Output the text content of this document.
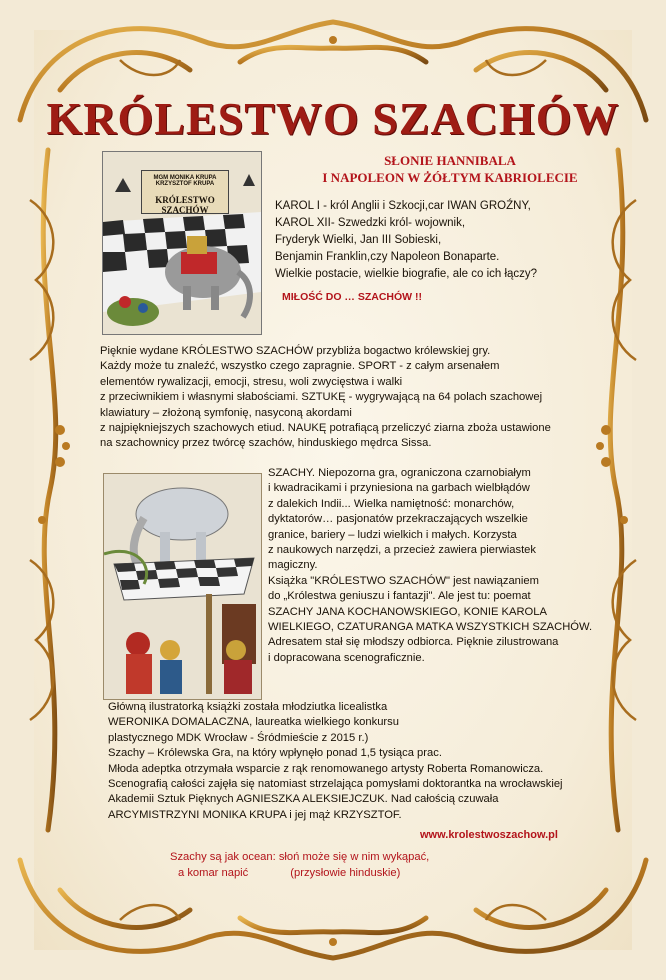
KRÓLESTWO SZACHÓW
MGM MONIKA KRUPA KRZYSZTOF KRUPA
KRÓLESTWO SZACHÓW
SŁONIE HANNIBALA
I NAPOLEON W ŻÓŁTYM KABRIOLECIE
KAROL I - król Anglii i Szkocji,car IWAN GROŹNY,
KAROL XII- Szwedzki król- wojownik,
Fryderyk Wielki, Jan III Sobieski,
Benjamin Franklin,czy Napoleon Bonaparte.
Wielkie postacie, wielkie biografie, ale co ich łączy?
MIŁOŚĆ DO … SZACHÓW !!
Pięknie wydane KRÓLESTWO SZACHÓW przybliża bogactwo królewskiej gry.
Każdy może tu znaleźć, wszystko czego zapragnie. SPORT - z całym arsenałem
elementów rywalizacji, emocji, stresu, woli zwycięstwa i walki
z przeciwnikiem i własnymi słabościami. SZTUKĘ - wygrywającą na 64 polach szachowej
klawiatury – złożoną symfonię, nasyconą akordami
z najpiękniejszych szachowych etiud. NAUKĘ potrafiącą przeliczyć ziarna zboża ustawione
na szachownicy przez twórcę szachów, hinduskiego mędrca Sissa.
SZACHY. Niepozorna gra, ograniczona czarnobiałym
i kwadracikami i przyniesiona na garbach wielbłądów
z dalekich Indii... Wielka namiętność: monarchów,
dyktatorów… pasjonatów przekraczających wszelkie
granice, bariery – ludzi wielkich i małych. Korzysta
z naukowych narzędzi, a przecież zawiera pierwiastek
magiczny.
Książka "KRÓLESTWO SZACHÓW" jest nawiązaniem
do „Królestwa geniuszu i fantazji". Ale jest tu: poemat
SZACHY JANA KOCHANOWSKIEGO, KONIE KAROLA
WIELKIEGO, CZATURANGA MATKA WSZYSTKICH SZACHÓW.
Adresatem stał się młodszy odbiorca. Pięknie zilustrowana
i dopracowana scenograficznie.
Główną ilustratorką książki została młodziutka licealistka
WERONIKA DOMALACZNA, laureatka wielkiego konkursu
plastycznego MDK Wrocław - Śródmieście z 2015 r.)
Szachy – Królewska Gra, na który wpłynęło ponad 1,5 tysiąca prac.
Młoda adeptka otrzymała wsparcie z rąk renomowanego artysty Roberta Romanowicza.
Scenografią całości zajęła się natomiast strzelająca pomysłami doktorantka na wrocławskiej
Akademii Sztuk Pięknych AGNIESZKA ALEKSIEJCZUK. Nad całością czuwała
ARCYMISTRZYNI MONIKA KRUPA i jej mąż KRZYSZTOF.
www.krolestwoszachow.pl
Szachy są jak ocean: słoń może się w nim wykąpać,
a komar napić	(przysłowie hinduskie)
